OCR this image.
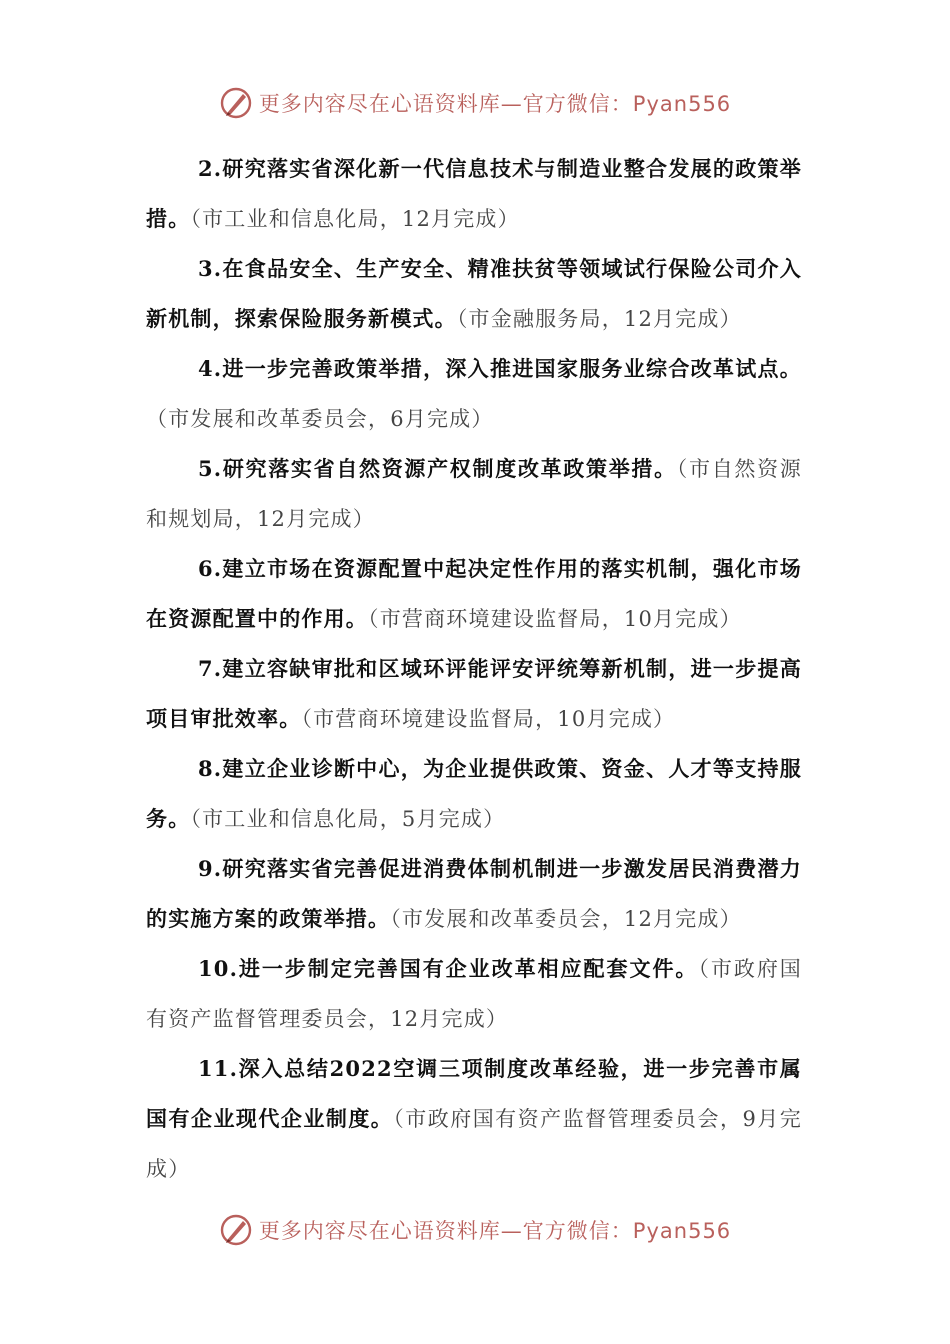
更多内容尽在心语资料库—官方微信：Pyan556

2.研究落实省深化新一代信息技术与制造业整合发展的政策举措。（市工业和信息化局，12月完成）

3.在食品安全、生产安全、精准扶贫等领域试行保险公司介入新机制，探索保险服务新模式。（市金融服务局，12月完成）

4.进一步完善政策举措，深入推进国家服务业综合改革试点。（市发展和改革委员会，6月完成）

5.研究落实省自然资源产权制度改革政策举措。（市自然资源和规划局，12月完成）

6.建立市场在资源配置中起决定性作用的落实机制，强化市场在资源配置中的作用。（市营商环境建设监督局，10月完成）

7.建立容缺审批和区域环评能评安评统筹新机制，进一步提高项目审批效率。（市营商环境建设监督局，10月完成）

8.建立企业诊断中心，为企业提供政策、资金、人才等支持服务。（市工业和信息化局，5月完成）

9.研究落实省完善促进消费体制机制进一步激发居民消费潜力的实施方案的政策举措。（市发展和改革委员会，12月完成）

10.进一步制定完善国有企业改革相应配套文件。（市政府国有资产监督管理委员会，12月完成）

11.深入总结2022空调三项制度改革经验，进一步完善市属国有企业现代企业制度。（市政府国有资产监督管理委员会，9月完成）

更多内容尽在心语资料库—官方微信：Pyan556
